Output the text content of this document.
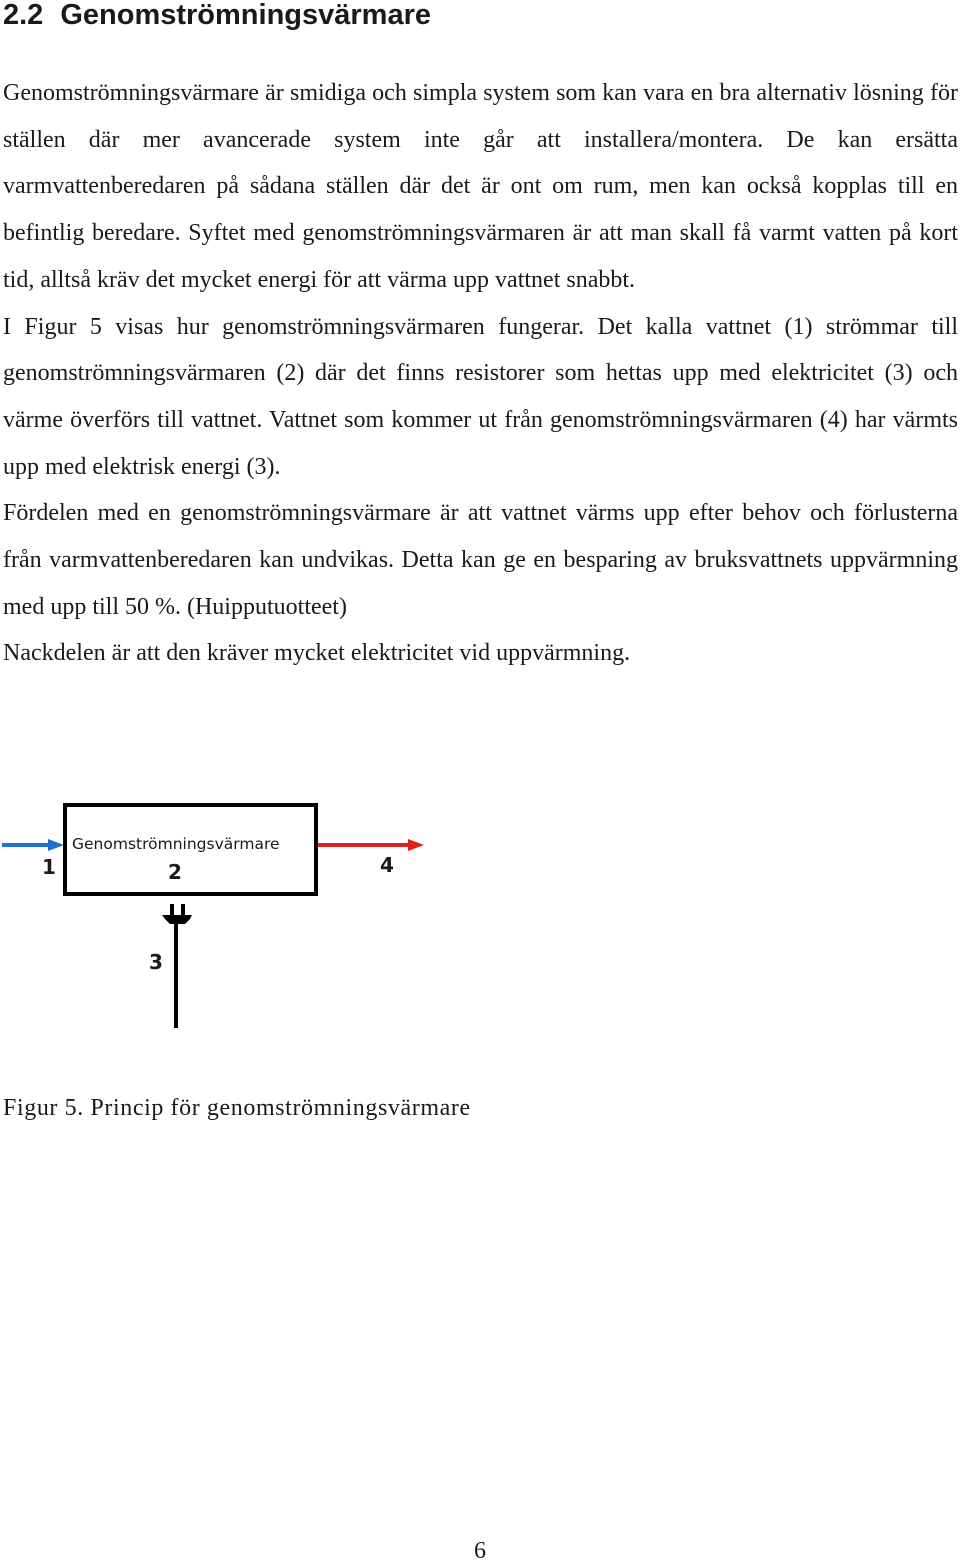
2.2 Genomströmningsvärmare

Genomströmningsvärmare är smidiga och simpla system som kan vara en bra alternativ lösning för ställen där mer avancerade system inte går att installera/montera. De kan ersätta varmvattenberedaren på sådana ställen där det är ont om rum, men kan också kopplas till en befintlig beredare. Syftet med genomströmningsvärmaren är att man skall få varmt vatten på kort tid, alltså kräv det mycket energi för att värma upp vattnet snabbt.

I Figur 5 visas hur genomströmningsvärmaren fungerar. Det kalla vattnet (1) strömmar till genomströmningsvärmaren (2) där det finns resistorer som hettas upp med elektricitet (3) och värme överförs till vattnet. Vattnet som kommer ut från genomströmningsvärmaren (4) har värmts upp med elektrisk energi (3).

Fördelen med en genomströmningsvärmare är att vattnet värms upp efter behov och förlusterna från varmvattenberedaren kan undvikas. Detta kan ge en besparing av bruksvattnets uppvärmning med upp till 50 %. (Huipputuotteet)

Nackdelen är att den kräver mycket elektricitet vid uppvärmning.

Genomströmningsvärmare
2
1	4
3

Figur 5. Princip för genomströmningsvärmare

6
